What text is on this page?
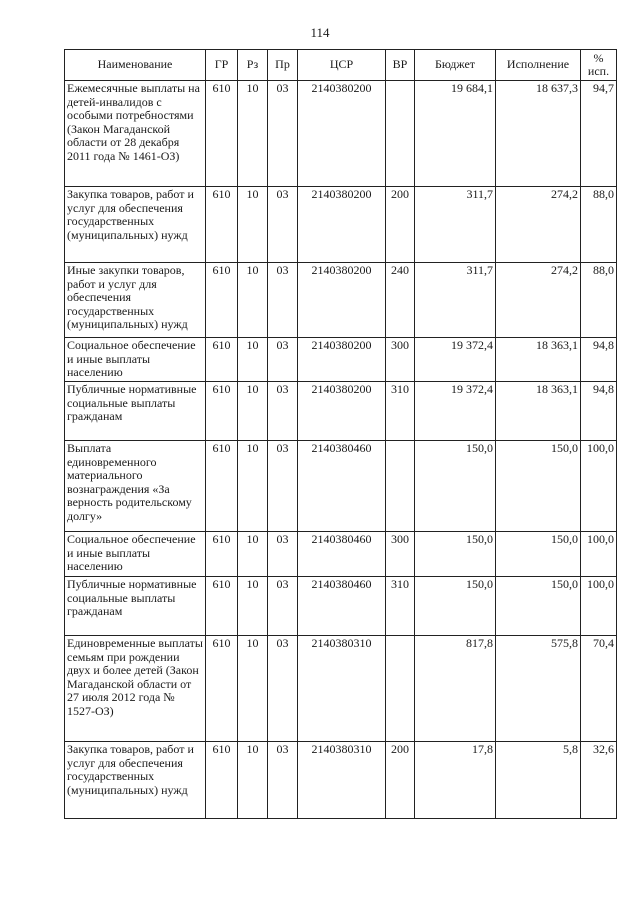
114
Наименование	ГР	Рз	Пр	ЦСР	ВР	Бюджет	Исполнение	% исп.
Ежемесячные выплаты на детей-инвалидов с особыми потребностями (Закон Магаданской области от 28 декабря 2011 года № 1461-ОЗ)	610	10	03	2140380200		19 684,1	18 637,3	94,7
Закупка товаров, работ и услуг для обеспечения государственных (муниципальных) нужд	610	10	03	2140380200	200	311,7	274,2	88,0
Иные закупки товаров, работ и услуг для обеспечения государственных (муниципальных) нужд	610	10	03	2140380200	240	311,7	274,2	88,0
Социальное обеспечение и иные выплаты населению	610	10	03	2140380200	300	19 372,4	18 363,1	94,8
Публичные нормативные социальные выплаты гражданам	610	10	03	2140380200	310	19 372,4	18 363,1	94,8
Выплата единовременного материального вознаграждения «За верность родительскому долгу»	610	10	03	2140380460		150,0	150,0	100,0
Социальное обеспечение и иные выплаты населению	610	10	03	2140380460	300	150,0	150,0	100,0
Публичные нормативные социальные выплаты гражданам	610	10	03	2140380460	310	150,0	150,0	100,0
Единовременные выплаты семьям при рождении двух и более детей (Закон Магаданской области от 27 июля 2012 года № 1527-ОЗ)	610	10	03	2140380310		817,8	575,8	70,4
Закупка товаров, работ и услуг для обеспечения государственных (муниципальных) нужд	610	10	03	2140380310	200	17,8	5,8	32,6
